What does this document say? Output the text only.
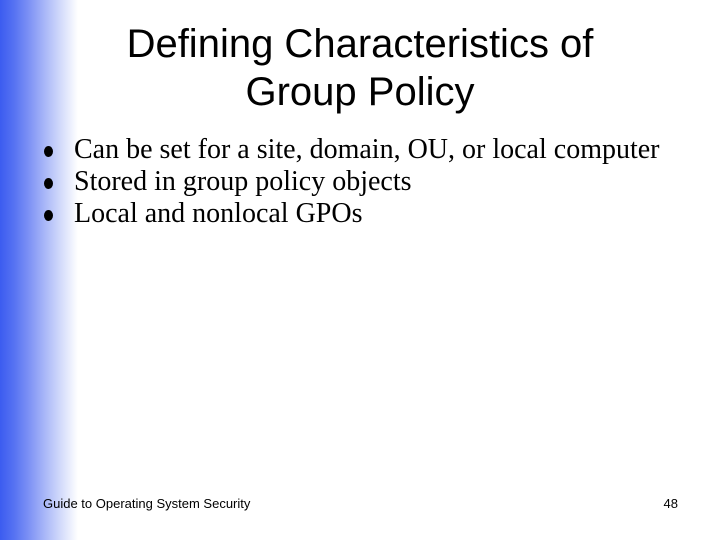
Defining Characteristics of
Group Policy
Can be set for a site, domain, OU, or local computer
Stored in group policy objects
Local and nonlocal GPOs
Guide to Operating System Security	48
